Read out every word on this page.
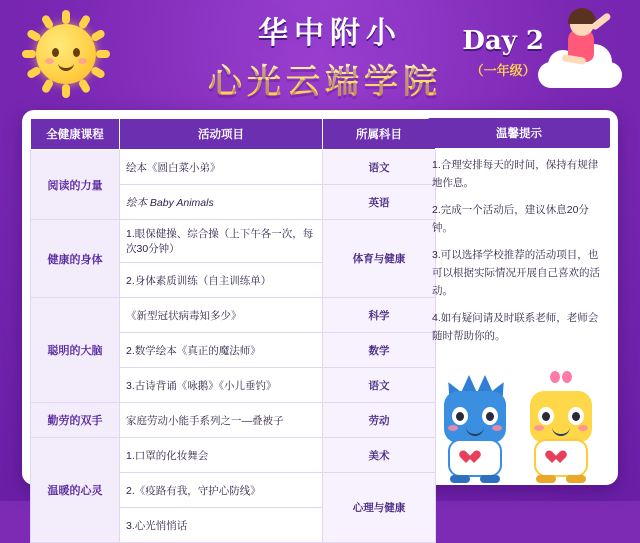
华中附小
心光云端学院
Day 2
（一年级）
全健康课程	活动项目	所属科目
阅读的力量	绘本《圆白菜小弟》	语文
	绘本 Baby Animals	英语
健康的身体	1.眼保健操、综合操（上下午各一次，每次30分钟）	体育与健康
	2.身体素质训练（自主训练单）	
聪明的大脑	《新型冠状病毒知多少》	科学
	2.数学绘本《真正的魔法师》	数学
	3.古诗背诵《咏鹅》《小儿垂钓》	语文
勤劳的双手	家庭劳动小能手系列之一—叠被子	劳动
温暖的心灵	1.口罩的化妆舞会	美术
	2.《疫路有我，守护心防线》	心理与健康
	3.心光悄悄话	
温馨提示

1.合理安排每天的时间，保持有规律地作息。

2.完成一个活动后，建议休息20分钟。

3.可以选择学校推荐的活动项目，也可以根据实际情况开展自己喜欢的活动。

4.如有疑问请及时联系老师，老师会随时帮助你的。
